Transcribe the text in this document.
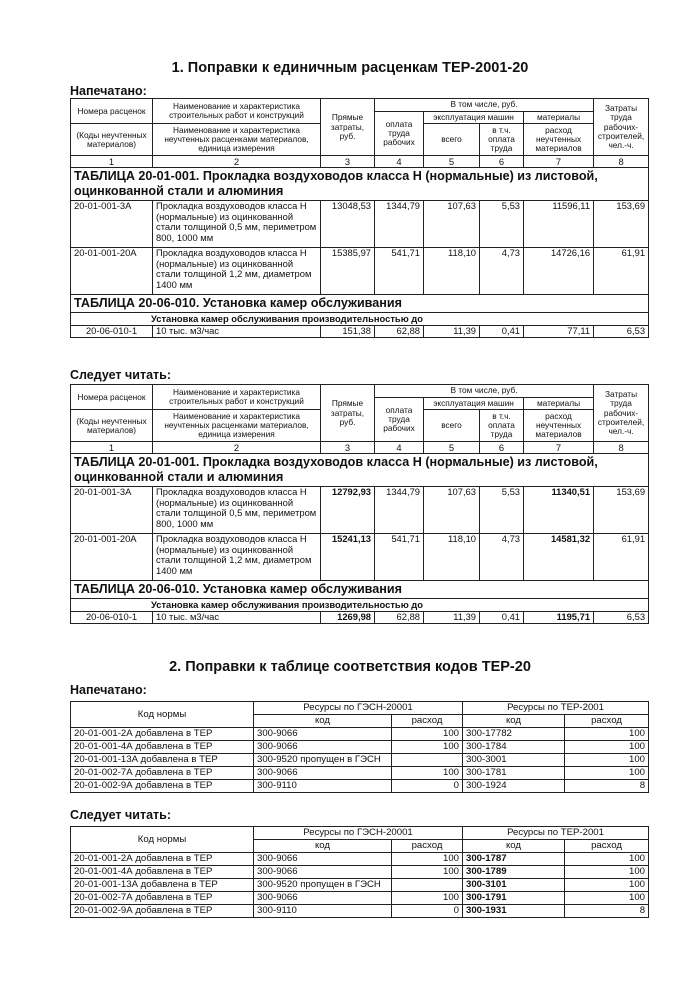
1. Поправки к единичным расценкам ТЕР-2001-20
Напечатано:
Номера расценок	Наименование и характеристика строительных работ и конструкций	Прямые затраты, руб.	В том числе, руб.				Затраты труда рабочих-строителей, чел.-ч.
			оплата труда рабочих	эксплуатация машин		материалы	
(Коды неучтенных материалов)	Наименование и характеристика неучтенных расценками материалов, единица измерения			всего	в т.ч. оплата труда	расход неучтенных материалов	

1	2	3	4	5	6	7	8
ТАБЛИЦА 20-01-001. Прокладка воздуховодов класса Н (нормальные) из листовой, оцинкованной стали и алюминия							
20-01-001-3А	Прокладка воздуховодов класса Н (нормальные) из оцинкованной стали толщиной 0,5 мм, периметром 800, 1000 мм	13048,53	1344,79	107,63	5,53	11596,11	153,69
20-01-001-20А	Прокладка воздуховодов класса Н (нормальные) из оцинкованной стали толщиной 1,2 мм, диаметром 1400 мм	15385,97	541,71	118,10	4,73	14726,16	61,91
ТАБЛИЦА 20-06-010. Установка камер обслуживания							
Установка камер обслуживания производительностью до							
20-06-010-1	10 тыс. м3/час	151,38	62,88	11,39	0,41	77,11	6,53
Следует читать:
Номера расценок	Наименование и характеристика строительных работ и конструкций	Прямые затраты, руб.	В том числе, руб.				Затраты труда рабочих-строителей, чел.-ч.
			оплата труда рабочих	эксплуатация машин		материалы	
(Коды неучтенных материалов)	Наименование и характеристика неучтенных расценками материалов, единица измерения			всего	в т.ч. оплата труда	расход неучтенных материалов	

1	2	3	4	5	6	7	8
ТАБЛИЦА 20-01-001. Прокладка воздуховодов класса Н (нормальные) из листовой, оцинкованной стали и алюминия							
20-01-001-3А	Прокладка воздуховодов класса Н (нормальные) из оцинкованной стали толщиной 0,5 мм, периметром 800, 1000 мм	12792,93	1344,79	107,63	5,53	11340,51	153,69
20-01-001-20А	Прокладка воздуховодов класса Н (нормальные) из оцинкованной стали толщиной 1,2 мм, диаметром 1400 мм	15241,13	541,71	118,10	4,73	14581,32	61,91
ТАБЛИЦА 20-06-010. Установка камер обслуживания							
Установка камер обслуживания производительностью до							
20-06-010-1	10 тыс. м3/час	1269,98	62,88	11,39	0,41	1195,71	6,53
2. Поправки к таблице соответствия кодов ТЕР-20
Напечатано:
Код нормы	Ресурсы по ГЭСН-20001		Ресурсы по ТЕР-2001	
	код	расход	код	расход
20-01-001-2А добавлена в ТЕР	300-9066	100	300-17782	100
20-01-001-4А добавлена в ТЕР	300-9066	100	300-1784	100
20-01-001-13А добавлена в ТЕР	300-9520 пропущен в ГЭСН		300-3001	100
20-01-002-7А добавлена в ТЕР	300-9066	100	300-1781	100
20-01-002-9А добавлена в ТЕР	300-9110	0	300-1924	8
Следует читать:
Код нормы	Ресурсы по ГЭСН-20001		Ресурсы по ТЕР-2001	
	код	расход	код	расход
20-01-001-2А добавлена в ТЕР	300-9066	100	300-1787	100
20-01-001-4А добавлена в ТЕР	300-9066	100	300-1789	100
20-01-001-13А добавлена в ТЕР	300-9520 пропущен в ГЭСН		300-3101	100
20-01-002-7А добавлена в ТЕР	300-9066	100	300-1791	100
20-01-002-9А добавлена в ТЕР	300-9110	0	300-1931	8
